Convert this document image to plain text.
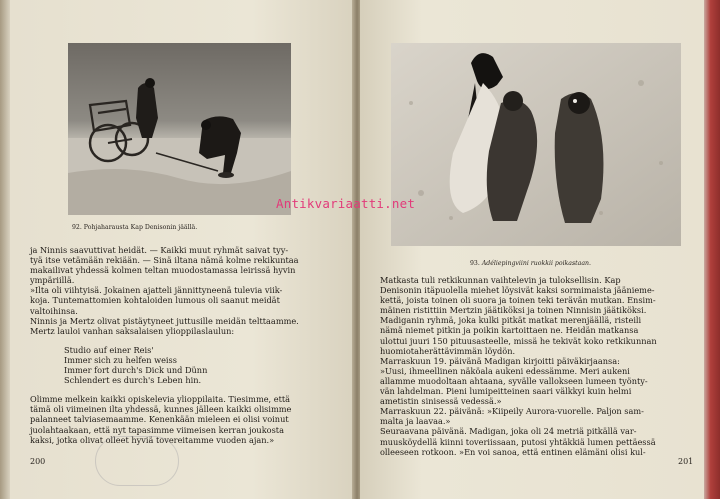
92. Pohjaharausta Kap Denisonin jäällä.

ja Ninnis saavuttivat heidät. — Kaikki muut ryhmät saivat tyy-

tyä itse vetämään rekiään. — Sinä iltana nämä kolme rekikuntaa

makailivat yhdessä kolmen teltan muodostamassa leirissä hyvin

ympäriillä.

»Ilta oli viihtyisä. Jokainen ajatteli jännittyneenä tulevia viik-

koja. Tuntemattomien kohtaloiden lumous oli saanut meidät

valtoihinsa.

Ninnis ja Mertz olivat pistäytyneet juttusille meidän telttaamme.

Mertz lauloi vanhan saksalaisen ylioppilaslaulun:

Studio auf einer Reis'

Immer sich zu helfen weiss

Immer fort durch's Dick und Dünn

Schlendert es durch's Leben hin.

Olimme melkein kaikki opiskelevia ylioppilaita. Tiesimme, että

tämä oli viimeinen ilta yhdessä, kunnes jälleen kaikki olisimme

palanneet talviasemaamme. Kenenkään mieleen ei olisi voinut

juolahtaakaan, että nyt tapasimme viimeisen kerran joukosta

kaksi, jotka olivat olleet hyviä tovereitamme vuoden ajan.»

200
93. Adéliepingviini ruokkii poikastaan.

Matkasta tuli retkikunnan vaihtelevin ja tuloksellisin. Kap

Denisonin itäpuolella miehet löysivät kaksi sormimaista jäänieme-

kettä, joista toinen oli suora ja toinen teki terävän mutkan. Ensim-

mäinen ristittiin Mertzin jäätiköksi ja toinen Ninnisin jäätiköksi.

Madiganin ryhmä, joka kulki pitkät matkat merenjäällä, risteili

nämä niemet pitkin ja poikin kartoittaen ne. Heidän matkansa

ulottui juuri 150 pituusasteelle, missä he tekivät koko retkikunnan

huomiotaherättävimmän löydön.

Marraskuun 19. päivänä Madigan kirjoitti päiväkirjaansa:

»Uusi, ihmeellinen näköala aukeni edessämme. Meri aukeni

allamme muodoltaan ahtaana, syvälle vallokseen lumeen työnty-

vän lahdelman. Pieni lumipeitteinen saari välkkyi kuin helmi

ametistin sinisessä vedessä.»

Marraskuun 22. päivänä: »Kiipeily Aurora-vuorelle. Paljon sam-

malta ja laavaa.»

Seuraavana päivänä. Madigan, joka oli 24 metriä pitkällä var-

muusköydellä kiinni toveriissaan, putosi yhtäkkiä lumen pettäessä

olleeseen rotkoon. »En voi sanoa, että entinen elämäni olisi kul-

201
Antikvariaatti.net
